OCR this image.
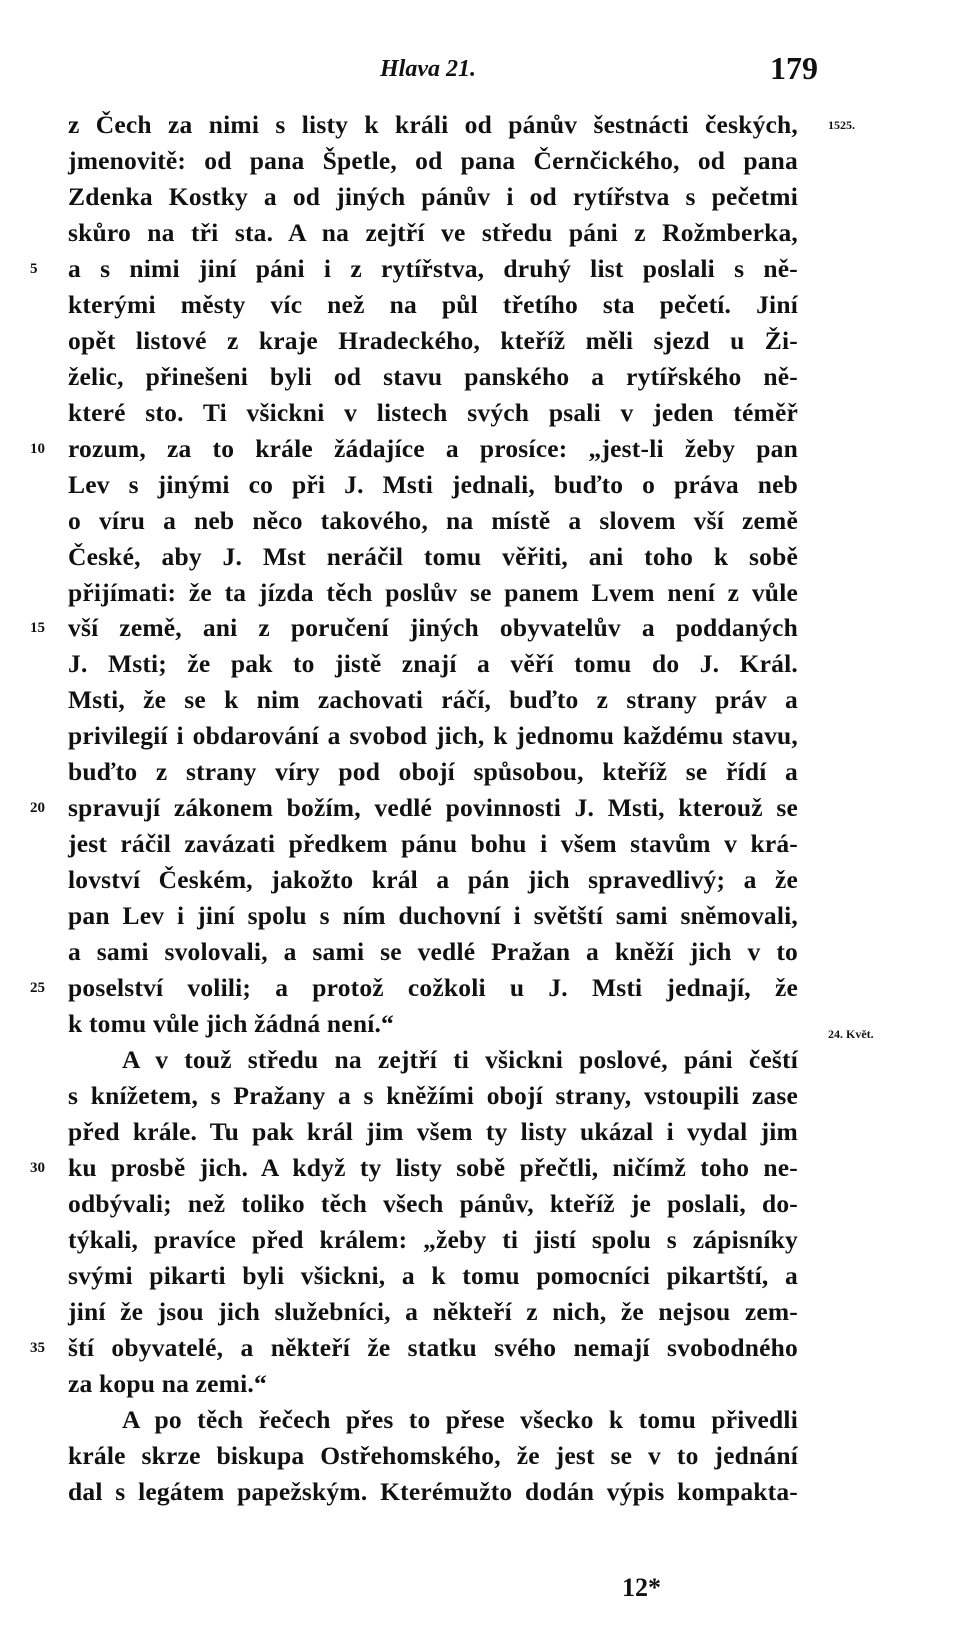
Hlava 21.	179
1525.
24. Květ.
5
10
15
20
25
30
35
z Čech za nimi s listy k králi od pánův šestnácti českých,
jmenovitě: od pana Špetle, od pana Černčického, od pana
Zdenka Kostky a od jiných pánův i od rytířstva s pečetmi
skůro na tři sta. A na zejtří ve středu páni z Rožmberka,
a s nimi jiní páni i z rytířstva, druhý list poslali s ně-
kterými městy víc než na půl třetího sta pečetí. Jiní
opět listové z kraje Hradeckého, kteříž měli sjezd u Ži-
želic, přinešeni byli od stavu panského a rytířského ně-
které sto. Ti všickni v listech svých psali v jeden téměř
rozum, za to krále žádajíce a prosíce: „jest-li žeby pan
Lev s jinými co při J. Msti jednali, buďto o práva neb
o víru a neb něco takového, na místě a slovem vší země
České, aby J. Mst neráčil tomu věřiti, ani toho k sobě
přijímati: že ta jízda těch poslův se panem Lvem není z vůle
vší země, ani z poručení jiných obyvatelův a poddaných
J. Msti; že pak to jistě znají a věří tomu do J. Král.
Msti, že se k nim zachovati ráčí, buďto z strany práv a
privilegií i obdarování a svobod jich, k jednomu každému stavu,
buďto z strany víry pod obojí spůsobou, kteříž se řídí a
spravují zákonem božím, vedlé povinnosti J. Msti, kterouž se
jest ráčil zavázati předkem pánu bohu i všem stavům v krá-
lovství Českém, jakožto král a pán jich spravedlivý; a že
pan Lev i jiní spolu s ním duchovní i světští sami sněmovali,
a sami svolovali, a sami se vedlé Pražan a kněží jich v to
poselství volili; a protož cožkoli u J. Msti jednají, že
k tomu vůle jich žádná není.“
A v touž středu na zejtří ti všickni poslové, páni čeští
s knížetem, s Pražany a s kněžími obojí strany, vstoupili zase
před krále. Tu pak král jim všem ty listy ukázal i vydal jim
ku prosbě jich. A když ty listy sobě přečtli, ničímž toho ne-
odbývali; než toliko těch všech pánův, kteříž je poslali, do-
týkali, pravíce před králem: „žeby ti jistí spolu s zápisníky
svými pikarti byli všickni, a k tomu pomocníci pikartští, a
jiní že jsou jich služebníci, a někteří z nich, že nejsou zem-
ští obyvatelé, a někteří že statku svého nemají svobodného
za kopu na zemi.“
A po těch řečech přes to přese všecko k tomu přivedli
krále skrze biskupa Ostřehomského, že jest se v to jednání
dal s legátem papežským. Kterémužto dodán výpis kompakta-
12*
